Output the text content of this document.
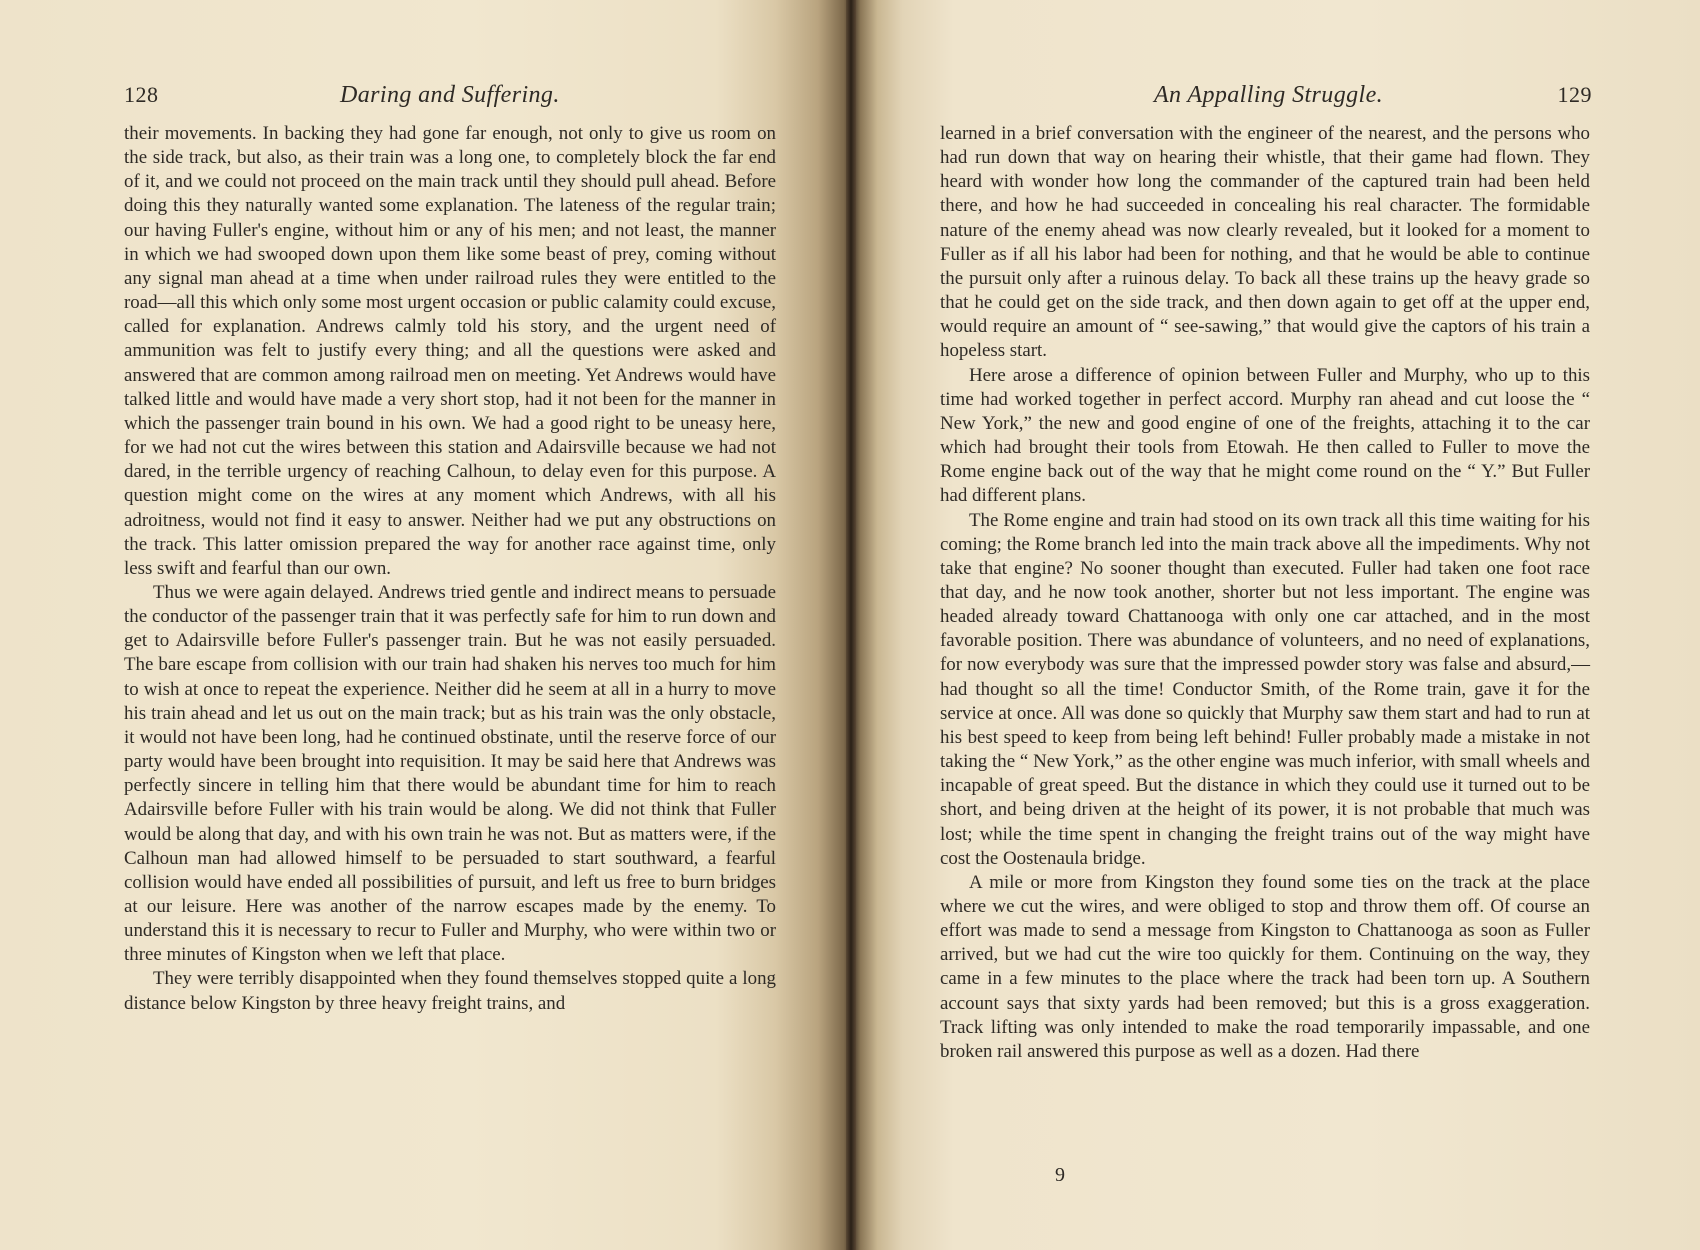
128	Daring and Suffering.

their movements. In backing they had gone far enough, not only to give us room on the side track, but also, as their train was a long one, to completely block the far end of it, and we could not proceed on the main track until they should pull ahead. Before doing this they naturally wanted some explanation. The lateness of the regular train; our having Fuller's engine, without him or any of his men; and not least, the manner in which we had swooped down upon them like some beast of prey, coming without any signal man ahead at a time when under railroad rules they were entitled to the road—all this which only some most urgent occasion or public calamity could excuse, called for explanation. Andrews calmly told his story, and the urgent need of ammunition was felt to justify every thing; and all the questions were asked and answered that are common among railroad men on meeting. Yet Andrews would have talked little and would have made a very short stop, had it not been for the manner in which the passenger train bound in his own. We had a good right to be uneasy here, for we had not cut the wires between this station and Adairsville because we had not dared, in the terrible urgency of reaching Calhoun, to delay even for this purpose. A question might come on the wires at any moment which Andrews, with all his adroitness, would not find it easy to answer. Neither had we put any obstructions on the track. This latter omission prepared the way for another race against time, only less swift and fearful than our own.

Thus we were again delayed. Andrews tried gentle and indirect means to persuade the conductor of the passenger train that it was perfectly safe for him to run down and get to Adairsville before Fuller's passenger train. But he was not easily persuaded. The bare escape from collision with our train had shaken his nerves too much for him to wish at once to repeat the experience. Neither did he seem at all in a hurry to move his train ahead and let us out on the main track; but as his train was the only obstacle, it would not have been long, had he continued obstinate, until the reserve force of our party would have been brought into requisition. It may be said here that Andrews was perfectly sincere in telling him that there would be abundant time for him to reach Adairsville before Fuller with his train would be along. We did not think that Fuller would be along that day, and with his own train he was not. But as matters were, if the Calhoun man had allowed himself to be persuaded to start southward, a fearful collision would have ended all possibilities of pursuit, and left us free to burn bridges at our leisure. Here was another of the narrow escapes made by the enemy. To understand this it is necessary to recur to Fuller and Murphy, who were within two or three minutes of Kingston when we left that place.

They were terribly disappointed when they found themselves stopped quite a long distance below Kingston by three heavy freight trains, and

An Appalling Struggle.	129

learned in a brief conversation with the engineer of the nearest, and the persons who had run down that way on hearing their whistle, that their game had flown. They heard with wonder how long the commander of the captured train had been held there, and how he had succeeded in concealing his real character. The formidable nature of the enemy ahead was now clearly revealed, but it looked for a moment to Fuller as if all his labor had been for nothing, and that he would be able to continue the pursuit only after a ruinous delay. To back all these trains up the heavy grade so that he could get on the side track, and then down again to get off at the upper end, would require an amount of “ see-sawing,” that would give the captors of his train a hopeless start.

Here arose a difference of opinion between Fuller and Murphy, who up to this time had worked together in perfect accord. Murphy ran ahead and cut loose the “ New York,” the new and good engine of one of the freights, attaching it to the car which had brought their tools from Etowah. He then called to Fuller to move the Rome engine back out of the way that he might come round on the “ Y.” But Fuller had different plans.

The Rome engine and train had stood on its own track all this time waiting for his coming; the Rome branch led into the main track above all the impediments. Why not take that engine? No sooner thought than executed. Fuller had taken one foot race that day, and he now took another, shorter but not less important. The engine was headed already toward Chattanooga with only one car attached, and in the most favorable position. There was abundance of volunteers, and no need of explanations, for now everybody was sure that the impressed powder story was false and absurd,—had thought so all the time! Conductor Smith, of the Rome train, gave it for the service at once. All was done so quickly that Murphy saw them start and had to run at his best speed to keep from being left behind! Fuller probably made a mistake in not taking the “ New York,” as the other engine was much inferior, with small wheels and incapable of great speed. But the distance in which they could use it turned out to be short, and being driven at the height of its power, it is not probable that much was lost; while the time spent in changing the freight trains out of the way might have cost the Oostenaula bridge.

A mile or more from Kingston they found some ties on the track at the place where we cut the wires, and were obliged to stop and throw them off. Of course an effort was made to send a message from Kingston to Chattanooga as soon as Fuller arrived, but we had cut the wire too quickly for them. Continuing on the way, they came in a few minutes to the place where the track had been torn up. A Southern account says that sixty yards had been removed; but this is a gross exaggeration. Track lifting was only intended to make the road temporarily impassable, and one broken rail answered this purpose as well as a dozen. Had there

9
